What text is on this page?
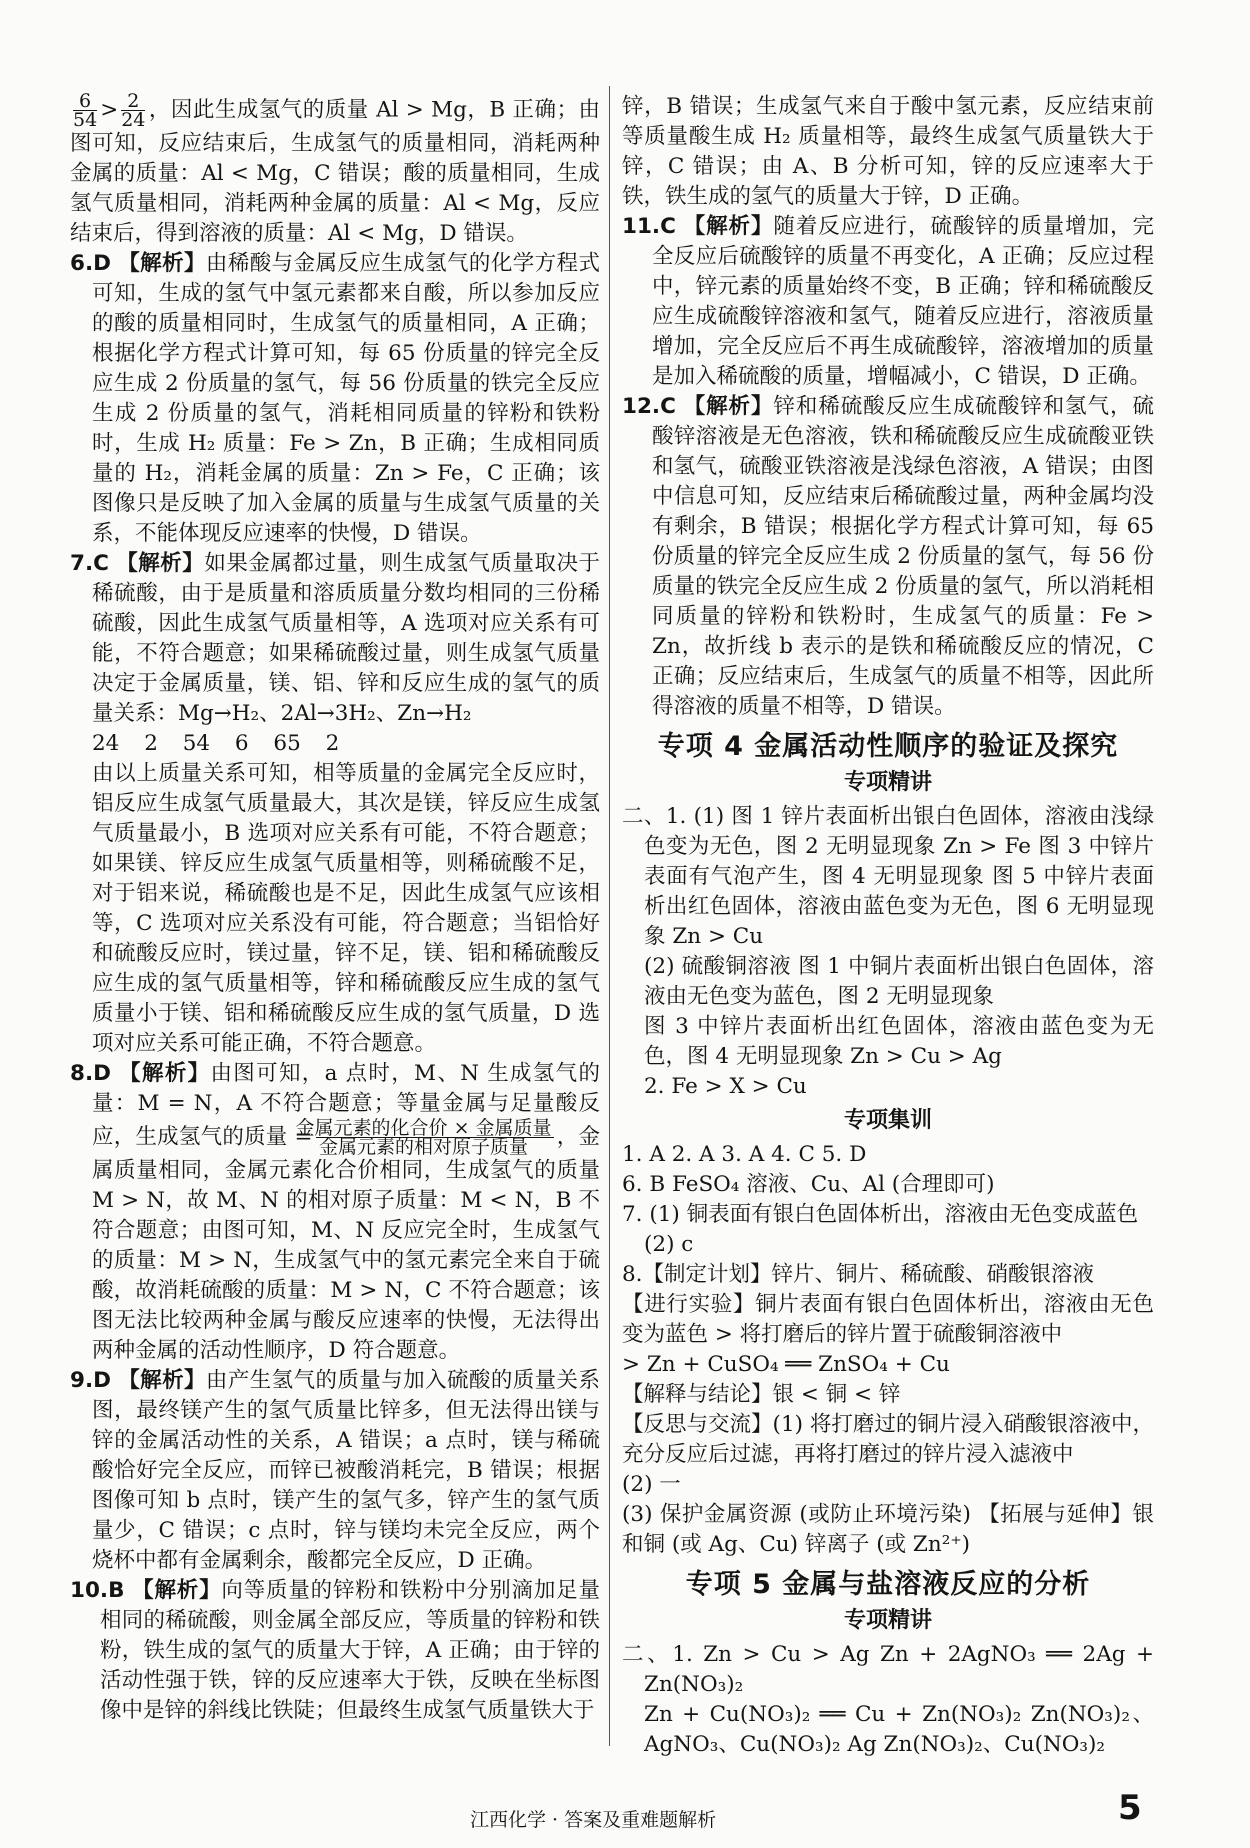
$\frac{6}{54} > \frac{2}{24}$ ，因此生成氢气的质量 Al > Mg，B 正确；由图可知，反应结束后，生成氢气的质量相同，消耗两种金属的质量：Al < Mg，C 错误；酸的质量相同，生成氢气质量相同，消耗两种金属的质量：Al < Mg，反应结束后，得到溶液的质量：Al < Mg，D 错误。

6.D 【解析】由稀酸与金属反应生成氢气的化学方程式可知，生成的氢气中氢元素都来自酸，所以参加反应的酸的质量相同时，生成氢气的质量相同，A 正确；根据化学方程式计算可知，每 65 份质量的锌完全反应生成 2 份质量的氢气，每 56 份质量的铁完全反应生成 2 份质量的氢气，消耗相同质量的锌粉和铁粉时，生成 H₂ 质量：Fe > Zn，B 正确；生成相同质量的 H₂，消耗金属的质量：Zn > Fe，C 正确；该图像只是反映了加入金属的质量与生成氢气质量的关系，不能体现反应速率的快慢，D 错误。

7.C 【解析】如果金属都过量，则生成氢气质量取决于稀硫酸，由于是质量和溶质质量分数均相同的三份稀硫酸，因此生成氢气质量相等，A 选项对应关系有可能，不符合题意；如果稀硫酸过量，则生成氢气质量决定于金属质量，镁、铝、锌和反应生成的氢气的质量关系：Mg→H₂、2Al→3H₂、Zn→H₂

24 2 54 6 65 2

由以上质量关系可知，相等质量的金属完全反应时，铝反应生成氢气质量最大，其次是镁，锌反应生成氢气质量最小，B 选项对应关系有可能，不符合题意；如果镁、锌反应生成氢气质量相等，则稀硫酸不足，对于铝来说，稀硫酸也是不足，因此生成氢气应该相等，C 选项对应关系没有可能，符合题意；当铝恰好和硫酸反应时，镁过量，锌不足，镁、铝和稀硫酸反应生成的氢气质量相等，锌和稀硫酸反应生成的氢气质量小于镁、铝和稀硫酸反应生成的氢气质量，D 选项对应关系可能正确，不符合题意。

8.D 【解析】由图可知，a 点时，M、N 生成氢气的量：M = N，A 不符合题意；等量金属与足量酸反应，生成氢气的质量 = $\frac{\text{金属元素的化合价 × 金属质量}}{\text{金属元素的相对原子质量}}$ ，金属质量相同，金属元素化合价相同，生成氢气的质量 M > N，故 M、N 的相对原子质量：M < N，B 不符合题意；由图可知，M、N 反应完全时，生成氢气的质量：M > N，生成氢气中的氢元素完全来自于硫酸，故消耗硫酸的质量：M > N，C 不符合题意；该图无法比较两种金属与酸反应速率的快慢，无法得出两种金属的活动性顺序，D 符合题意。

9.D 【解析】由产生氢气的质量与加入硫酸的质量关系图，最终镁产生的氢气质量比锌多，但无法得出镁与锌的金属活动性的关系，A 错误；a 点时，镁与稀硫酸恰好完全反应，而锌已被酸消耗完，B 错误；根据图像可知 b 点时，镁产生的氢气多，锌产生的氢气质量少，C 错误；c 点时，锌与镁均未完全反应，两个烧杯中都有金属剩余，酸都完全反应，D 正确。

10.B 【解析】向等质量的锌粉和铁粉中分别滴加足量相同的稀硫酸，则金属全部反应，等质量的锌粉和铁粉，铁生成的氢气的质量大于锌，A 正确；由于锌的活动性强于铁，锌的反应速率大于铁，反映在坐标图像中是锌的斜线比铁陡；但最终生成氢气质量铁大于

锌，B 错误；生成氢气来自于酸中氢元素，反应结束前等质量酸生成 H₂ 质量相等，最终生成氢气质量铁大于锌，C 错误；由 A、B 分析可知，锌的反应速率大于铁，铁生成的氢气的质量大于锌，D 正确。

11.C 【解析】随着反应进行，硫酸锌的质量增加，完全反应后硫酸锌的质量不再变化，A 正确；反应过程中，锌元素的质量始终不变，B 正确；锌和稀硫酸反应生成硫酸锌溶液和氢气，随着反应进行，溶液质量增加，完全反应后不再生成硫酸锌，溶液增加的质量是加入稀硫酸的质量，增幅减小，C 错误，D 正确。

12.C 【解析】锌和稀硫酸反应生成硫酸锌和氢气，硫酸锌溶液是无色溶液，铁和稀硫酸反应生成硫酸亚铁和氢气，硫酸亚铁溶液是浅绿色溶液，A 错误；由图中信息可知，反应结束后稀硫酸过量，两种金属均没有剩余，B 错误；根据化学方程式计算可知，每 65 份质量的锌完全反应生成 2 份质量的氢气，每 56 份质量的铁完全反应生成 2 份质量的氢气，所以消耗相同质量的锌粉和铁粉时，生成氢气的质量：Fe > Zn，故折线 b 表示的是铁和稀硫酸反应的情况，C 正确；反应结束后，生成氢气的质量不相等，因此所得溶液的质量不相等，D 错误。

专项 4 金属活动性顺序的验证及探究
专项精讲

二、1. (1) 图 1 锌片表面析出银白色固体，溶液由浅绿色变为无色，图 2 无明显现象 Zn > Fe 图 3 中锌片表面有气泡产生，图 4 无明显现象 图 5 中锌片表面析出红色固体，溶液由蓝色变为无色，图 6 无明显现象 Zn > Cu

(2) 硫酸铜溶液 图 1 中铜片表面析出银白色固体，溶液由无色变为蓝色，图 2 无明显现象

图 3 中锌片表面析出红色固体，溶液由蓝色变为无色，图 4 无明显现象 Zn > Cu > Ag

2. Fe > X > Cu

专项集训

1. A 2. A 3. A 4. C 5. D

6. B FeSO₄ 溶液、Cu、Al (合理即可)

7. (1) 铜表面有银白色固体析出，溶液由无色变成蓝色

(2) c

8.【制定计划】锌片、铜片、稀硫酸、硝酸银溶液

【进行实验】铜片表面有银白色固体析出，溶液由无色变为蓝色 > 将打磨后的锌片置于硫酸铜溶液中

> Zn + CuSO₄ ══ ZnSO₄ + Cu

【解释与结论】银 < 铜 < 锌

【反思与交流】(1) 将打磨过的铜片浸入硝酸银溶液中，充分反应后过滤，再将打磨过的锌片浸入滤液中

(2) 一

(3) 保护金属资源 (或防止环境污染) 【拓展与延伸】银和铜 (或 Ag、Cu) 锌离子 (或 Zn²⁺)

专项 5 金属与盐溶液反应的分析
专项精讲

二、1. Zn > Cu > Ag Zn + 2AgNO₃ ══ 2Ag + Zn(NO₃)₂

Zn + Cu(NO₃)₂ ══ Cu + Zn(NO₃)₂ Zn(NO₃)₂、AgNO₃、Cu(NO₃)₂ Ag Zn(NO₃)₂、Cu(NO₃)₂

江西化学 · 答案及重难题解析	5
